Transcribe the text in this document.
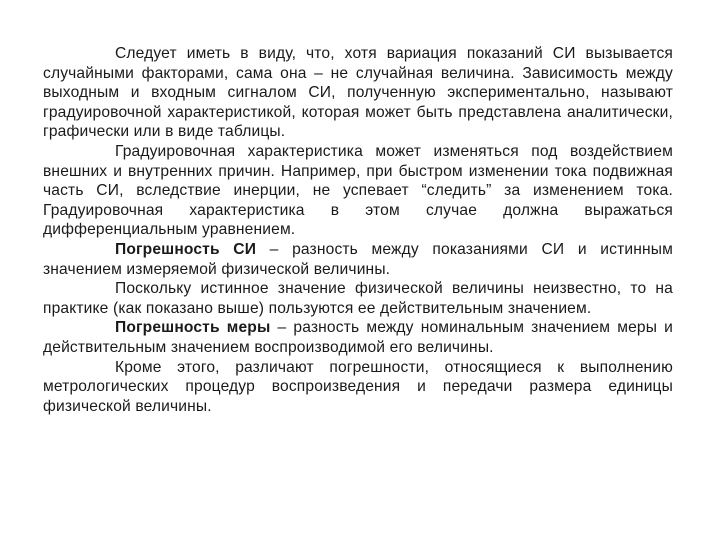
Следует иметь в виду, что, хотя вариация показаний СИ вызывается случайными факторами, сама она – не случайная величина. Зависимость между выходным и входным сигналом СИ, полученную экспериментально, называют градуировочной характеристикой, которая может быть представлена аналитически, графически или в виде таблицы.

Градуировочная характеристика может изменяться под воздействием внешних и внутренних причин. Например, при быстром изменении тока подвижная часть СИ, вследствие инерции, не успевает “следить” за изменением тока. Градуировочная характеристика в этом случае должна выражаться дифференциальным уравнением.

Погрешность СИ – разность между показаниями СИ и истинным значением измеряемой физической величины.

Поскольку истинное значение физической величины неизвестно, то на практике (как показано выше) пользуются ее действительным значением.

Погрешность меры – разность между номинальным значением меры и действительным значением воспроизводимой его величины.

Кроме этого, различают погрешности, относящиеся к выполнению метрологических процедур воспроизведения и передачи размера единицы физической величины.
